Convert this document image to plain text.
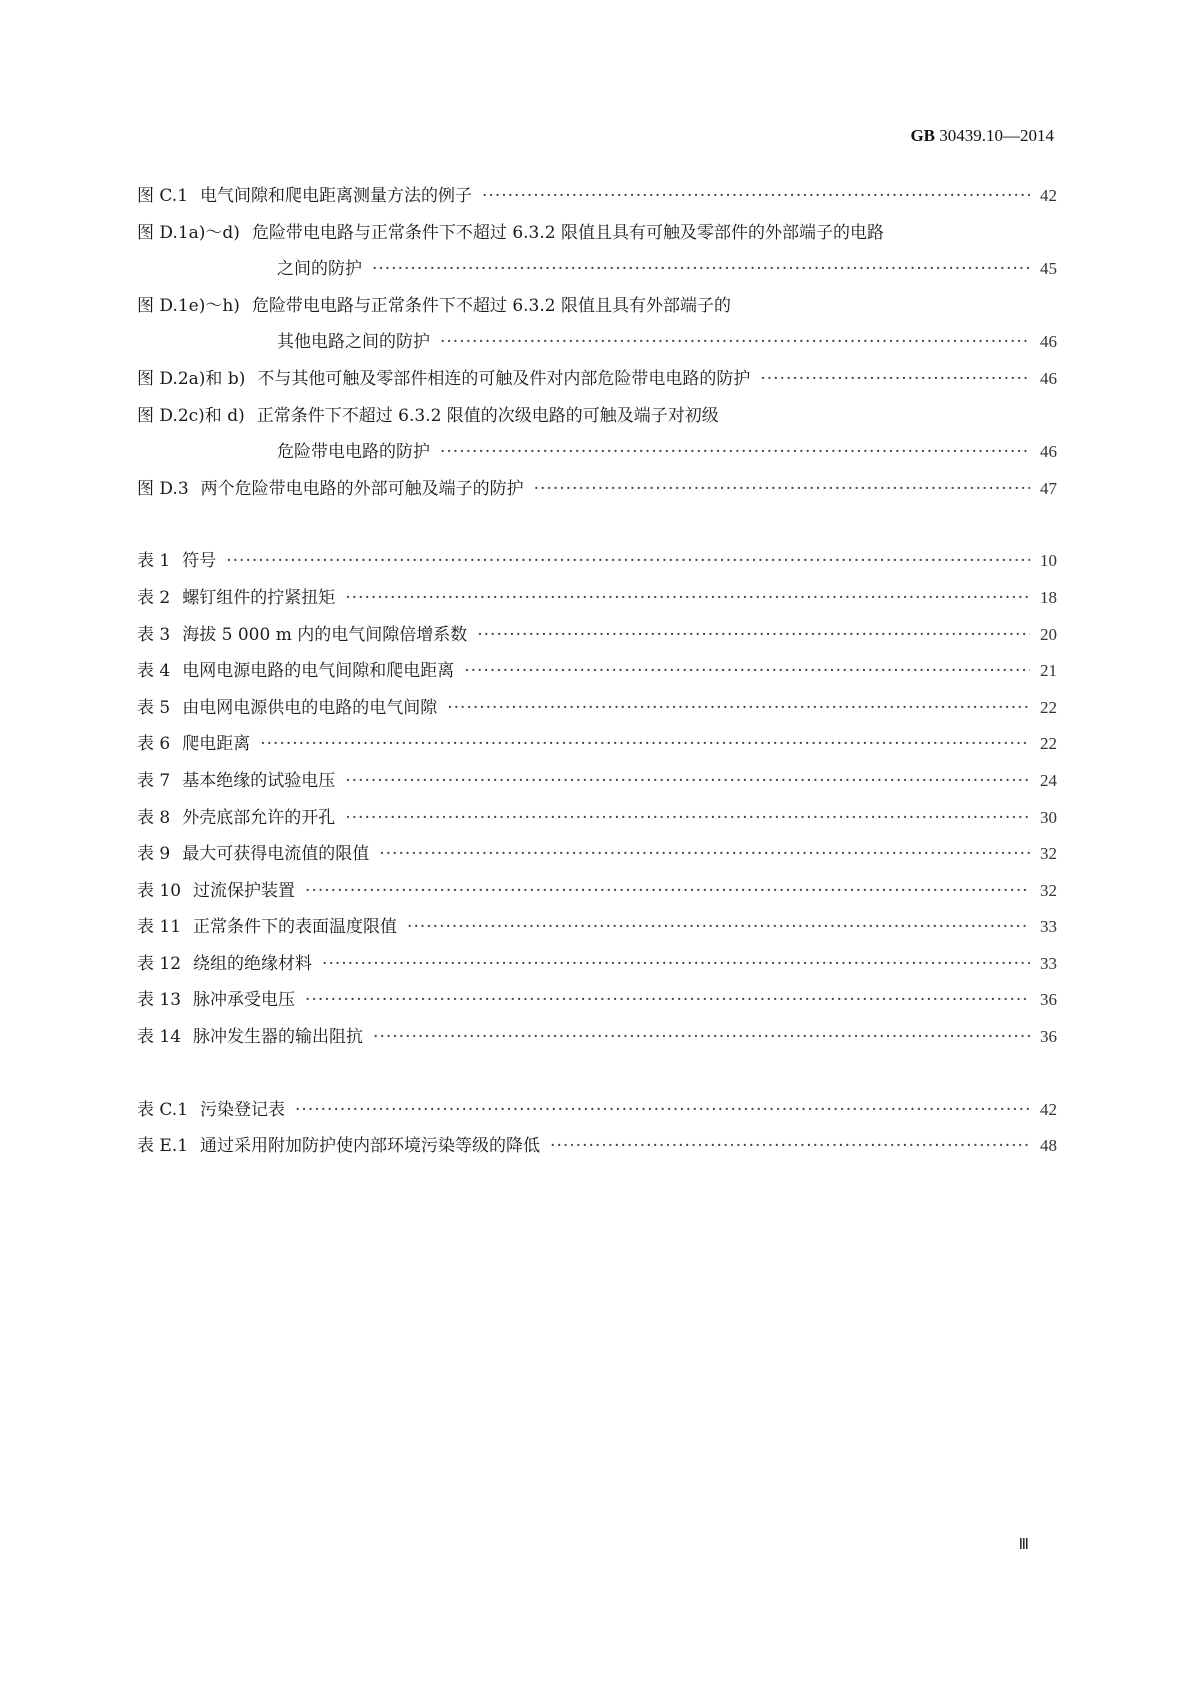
GB 30439.10—2014
图 C.1 电气间隙和爬电距离测量方法的例子 ·····	42
图 D.1a)～d) 危险带电电路与正常条件下不超过 6.3.2 限值且具有可触及零部件的外部端子的电路
之间的防护 ·····	45
图 D.1e)～h) 危险带电电路与正常条件下不超过 6.3.2 限值且具有外部端子的
其他电路之间的防护 ·····	46
图 D.2a)和 b) 不与其他可触及零部件相连的可触及件对内部危险带电电路的防护 ·····	46
图 D.2c)和 d) 正常条件下不超过 6.3.2 限值的次级电路的可触及端子对初级
危险带电电路的防护 ·····	46
图 D.3 两个危险带电电路的外部可触及端子的防护 ·····	47
表 1 符号 ·····	10
表 2 螺钉组件的拧紧扭矩 ·····	18
表 3 海拔 5 000 m 内的电气间隙倍增系数 ·····	20
表 4 电网电源电路的电气间隙和爬电距离 ·····	21
表 5 由电网电源供电的电路的电气间隙 ·····	22
表 6 爬电距离 ·····	22
表 7 基本绝缘的试验电压 ·····	24
表 8 外壳底部允许的开孔 ·····	30
表 9 最大可获得电流值的限值 ·····	32
表 10 过流保护装置 ·····	32
表 11 正常条件下的表面温度限值 ·····	33
表 12 绕组的绝缘材料 ·····	33
表 13 脉冲承受电压 ·····	36
表 14 脉冲发生器的输出阻抗 ·····	36
表 C.1 污染登记表 ·····	42
表 E.1 通过采用附加防护使内部环境污染等级的降低 ·····	48
Ⅲ
